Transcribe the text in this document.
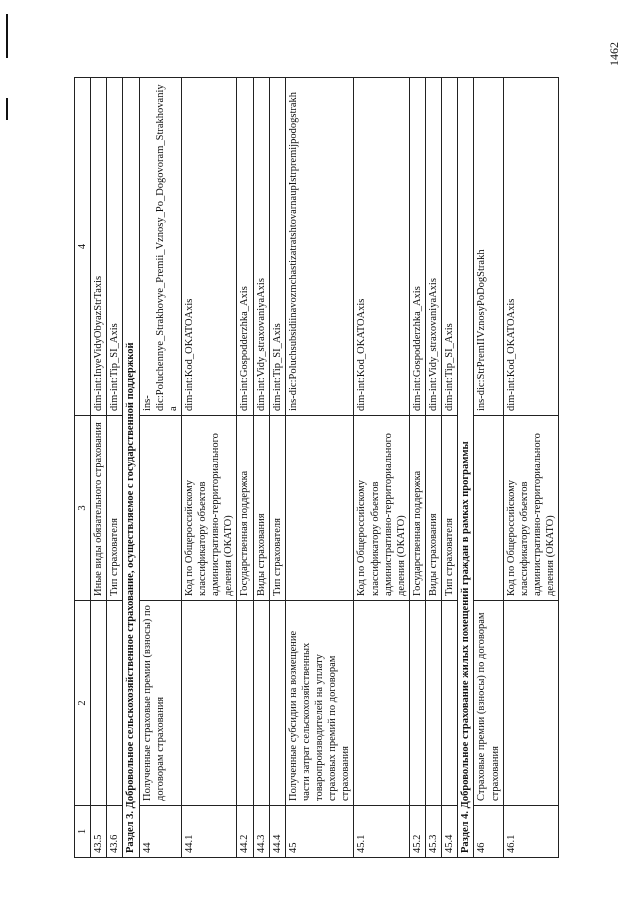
1	2	3	4
43.5		Иные виды обязательного страхования	dim-int:InyeVidyObyazStrTaxis
43.6		Тип страхователя	dim-int:Tip_SI_Axis
Раздел 3. Добровольное сельскохозяйственное страхование, осуществляемое с государственной поддержкой			
44	Полученные страховые премии (взносы) по договорам страхования		ins-dic:Poluchennye_Strakhovye_Premii_Vznosy_Po_Dogovoram_Strakhovaniya
44.1		Код по Общероссийскому классификатору объектов административно-территориального деления (ОКАТО)	dim-int:Kod_OKATOAxis
44.2		Государственная поддержка	dim-int:Gospodderzhka_Axis
44.3		Виды страхования	dim-int:Vidy_straxovaniyaAxis
44.4		Тип страхователя	dim-int:Tip_SI_Axis
45	Полученные субсидии на возмещение части затрат сельскохозяйственных товаропроизводителей на уплату страховых премий по договорам страхования		ins-dic:PoluchsubsidiinavozmchastizatratshtovarnaupIstrpremijpodogstrakh
45.1		Код по Общероссийскому классификатору объектов административно-территориального деления (ОКАТО)	dim-int:Kod_OKATOAxis
45.2		Государственная поддержка	dim-int:Gospodderzhka_Axis
45.3		Виды страхования	dim-int:Vidy_straxovaniyaAxis
45.4		Тип страхователя	dim-int:Tip_SI_Axis
Раздел 4. Добровольное страхование жилых помещений граждан в рамках программы			
46	Страховые премии (взносы) по договорам страхования		ins-dic:StrPremIIVznosyPoDogStrakh
46.1		Код по Общероссийскому классификатору объектов административно-территориального деления (ОКАТО)	dim-int:Kod_OKATOAxis
1462
